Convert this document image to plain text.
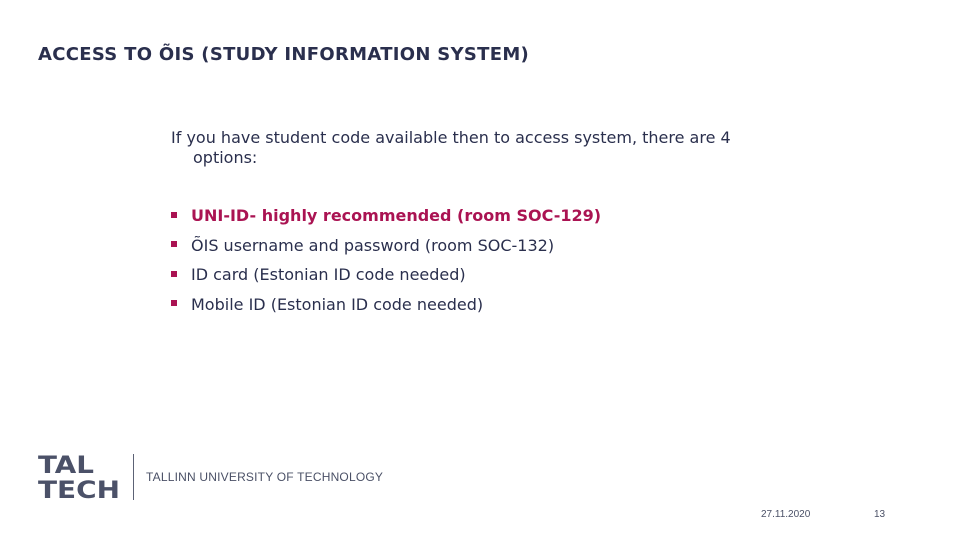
ACCESS TO ÕIS (STUDY INFORMATION SYSTEM)
If you have student code available then to access system, there are 4
options:
UNI-ID- highly recommended (room SOC-129)
ÕIS username and password (room SOC-132)
ID card (Estonian ID code needed)
Mobile ID (Estonian ID code needed)
TAL
TECH TALLINN UNIVERSITY OF TECHNOLOGY
27.11.2020	13
